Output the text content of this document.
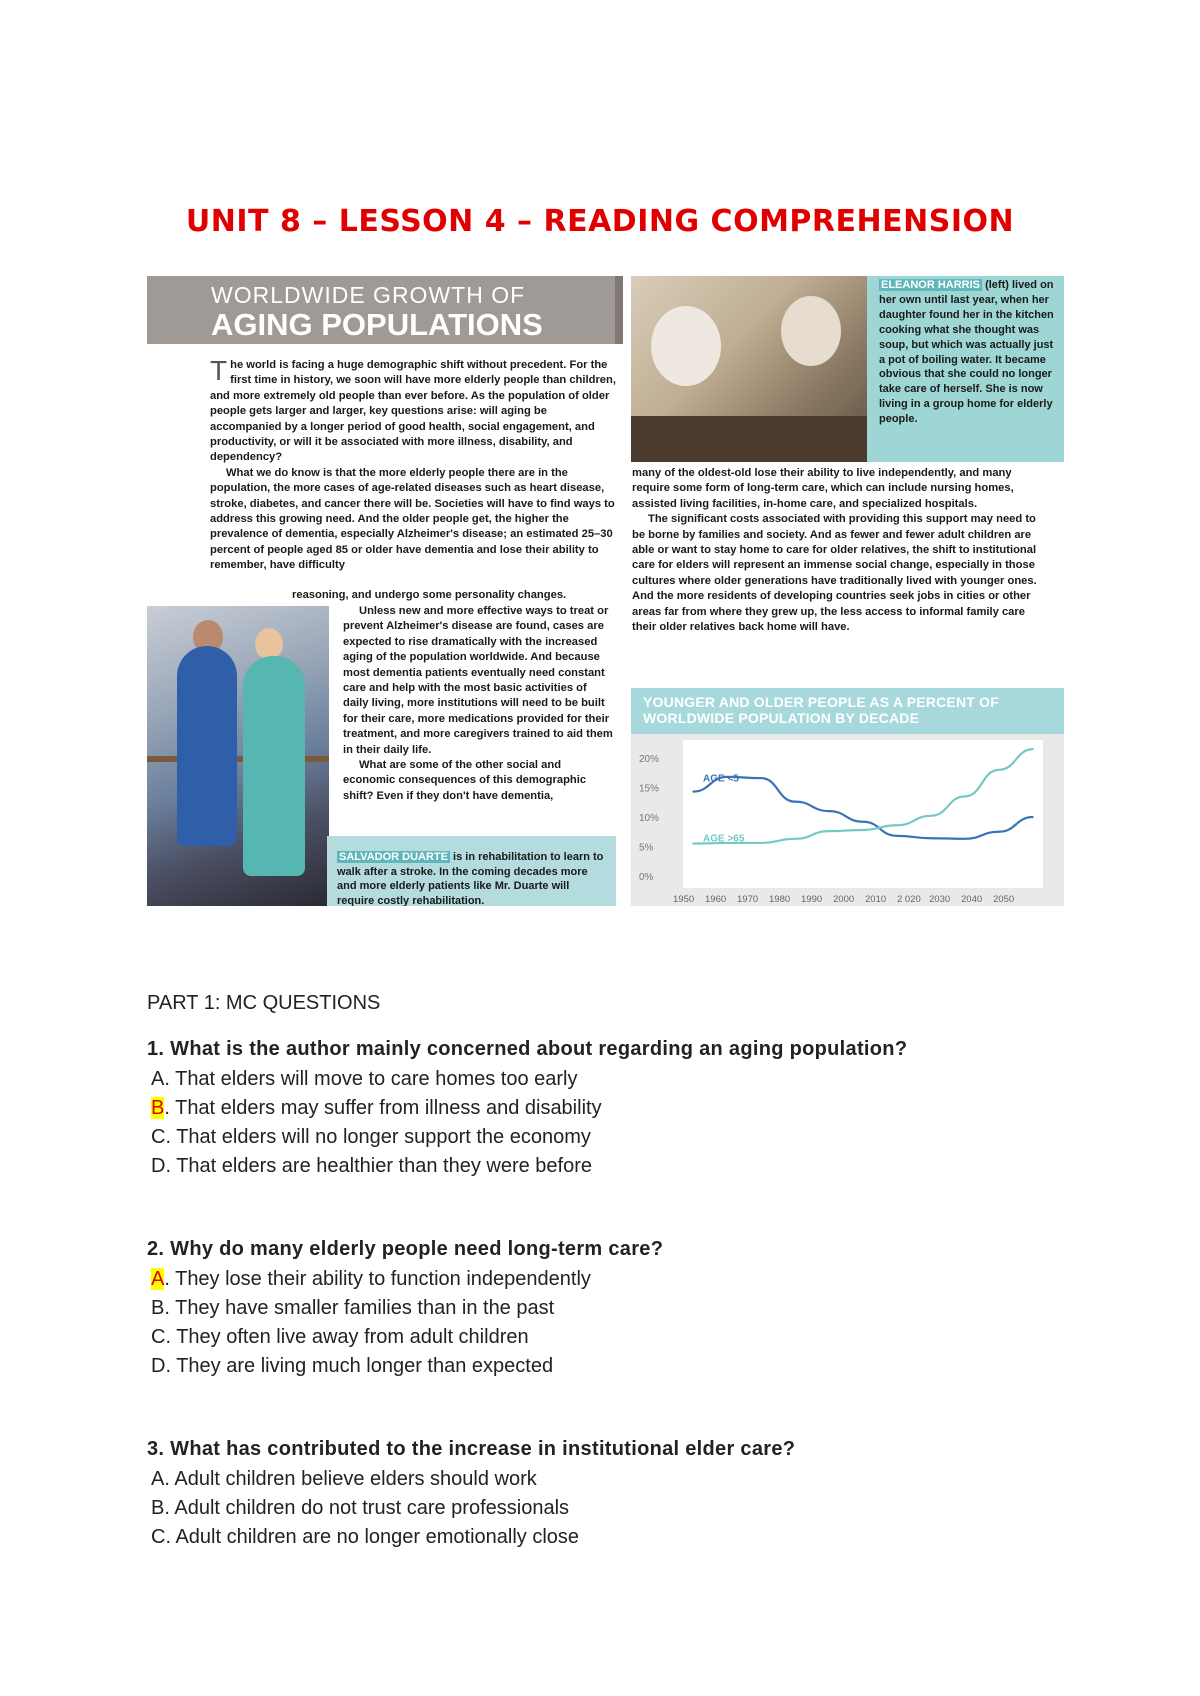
UNIT 8 – LESSON 4 – READING COMPREHENSION
WORLDWIDE GROWTH OF
AGING POPULATIONS

The world is facing a huge demographic shift without precedent. For the first time in history, we soon will have more elderly people than children, and more extremely old people than ever before. As the population of older people gets larger and larger, key questions arise: will aging be accompanied by a longer period of good health, social engagement, and productivity, or will it be associated with more illness, disability, and dependency?

What we do know is that the more elderly people there are in the population, the more cases of age-related diseases such as heart disease, stroke, diabetes, and cancer there will be. Societies will have to find ways to address this growing need. And the older people get, the higher the prevalence of dementia, especially Alzheimer's disease; an estimated 25–30 percent of people aged 85 or older have dementia and lose their ability to remember, have difficulty

reasoning, and undergo some personality changes.

Unless new and more effective ways to treat or prevent Alzheimer's disease are found, cases are expected to rise dramatically with the increased aging of the population worldwide. And because most dementia patients eventually need constant care and help with the most basic activities of daily living, more institutions will need to be built for their care, more medications provided for their treatment, and more caregivers trained to aid them in their daily life.

What are some of the other social and economic consequences of this demographic shift? Even if they don't have dementia,

SALVADOR DUARTE is in rehabilitation to learn to walk after a stroke. In the coming decades more and more elderly patients like Mr. Duarte will require costly rehabilitation.
ELEANOR HARRIS (left) lived on her own until last year, when her daughter found her in the kitchen cooking what she thought was soup, but which was actually just a pot of boiling water. It became obvious that she could no longer take care of herself. She is now living in a group home for elderly people.

many of the oldest-old lose their ability to live independently, and many require some form of long-term care, which can include nursing homes, assisted living facilities, in-home care, and specialized hospitals.

The significant costs associated with providing this support may need to be borne by families and society. And as fewer and fewer adult children are able or want to stay home to care for older relatives, the shift to institutional care for elders will represent an immense social change, especially in those cultures where older generations have traditionally lived with younger ones. And the more residents of developing countries seek jobs in cities or other areas far from where they grew up, the less access to informal family care their older relatives back home will have.

YOUNGER AND OLDER PEOPLE AS A PERCENT OF WORLDWIDE POPULATION BY DECADE
20%
15%
10%
5%
0%
1950 1960 1970 1980 1990 2000 2010 2 020 2030 2040 2050
AGE <5
AGE >65
PART 1: MC QUESTIONS
1. What is the author mainly concerned about regarding an aging population?
A. That elders will move to care homes too early
B. That elders may suffer from illness and disability
C. That elders will no longer support the economy
D. That elders are healthier than they were before
2. Why do many elderly people need long-term care?
A. They lose their ability to function independently
B. They have smaller families than in the past
C. They often live away from adult children
D. They are living much longer than expected
3. What has contributed to the increase in institutional elder care?
A. Adult children believe elders should work
B. Adult children do not trust care professionals
C. Adult children are no longer emotionally close
